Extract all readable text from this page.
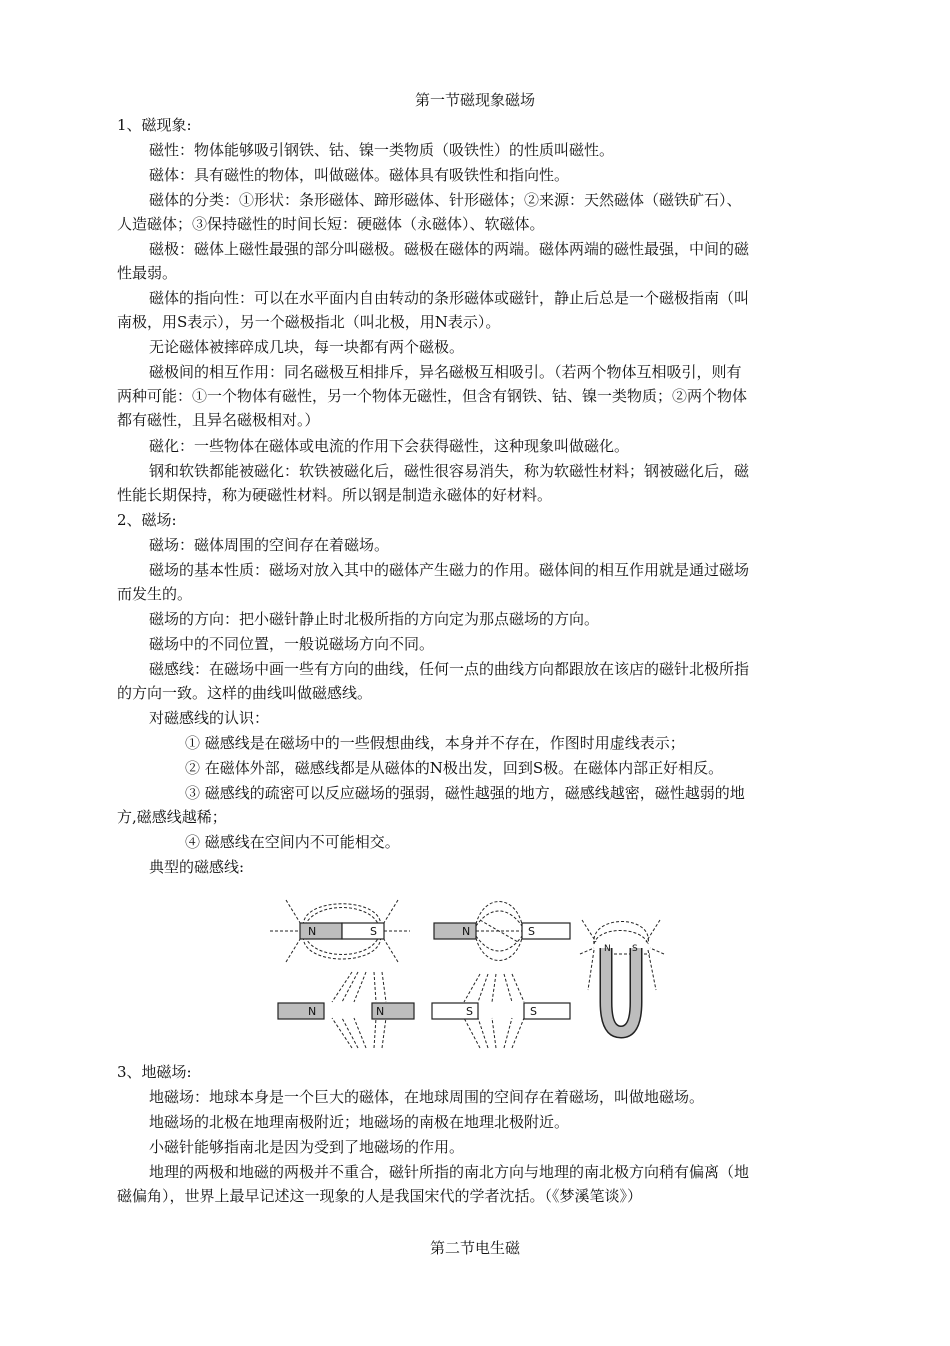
第一节磁现象磁场
1、磁现象:
磁性：物体能够吸引钢铁、钴、镍一类物质（吸铁性）的性质叫磁性。
磁体：具有磁性的物体，叫做磁体。磁体具有吸铁性和指向性。
磁体的分类：①形状：条形磁体、蹄形磁体、针形磁体；②来源：天然磁体（磁铁矿石）、
人造磁体；③保持磁性的时间长短：硬磁体（永磁体）、软磁体。
磁极：磁体上磁性最强的部分叫磁极。磁极在磁体的两端。磁体两端的磁性最强，中间的磁
性最弱。
磁体的指向性：可以在水平面内自由转动的条形磁体或磁针，静止后总是一个磁极指南（叫
南极，用S表示），另一个磁极指北（叫北极，用N表示）。
无论磁体被摔碎成几块，每一块都有两个磁极。
磁极间的相互作用：同名磁极互相排斥，异名磁极互相吸引。（若两个物体互相吸引，则有
两种可能：①一个物体有磁性，另一个物体无磁性，但含有钢铁、钴、镍一类物质；②两个物体
都有磁性，且异名磁极相对。）
磁化：一些物体在磁体或电流的作用下会获得磁性，这种现象叫做磁化。
钢和软铁都能被磁化：软铁被磁化后，磁性很容易消失，称为软磁性材料；钢被磁化后，磁
性能长期保持，称为硬磁性材料。所以钢是制造永磁体的好材料。
2、磁场:
磁场：磁体周围的空间存在着磁场。
磁场的基本性质：磁场对放入其中的磁体产生磁力的作用。磁体间的相互作用就是通过磁场
而发生的。
磁场的方向：把小磁针静止时北极所指的方向定为那点磁场的方向。
磁场中的不同位置，一般说磁场方向不同。
磁感线：在磁场中画一些有方向的曲线，任何一点的曲线方向都跟放在该店的磁针北极所指
的方向一致。这样的曲线叫做磁感线。
对磁感线的认识：
① 磁感线是在磁场中的一些假想曲线，本身并不存在，作图时用虚线表示；
② 在磁体外部，磁感线都是从磁体的N极出发，回到S极。在磁体内部正好相反。
③ 磁感线的疏密可以反应磁场的强弱，磁性越强的地方，磁感线越密，磁性越弱的地
方,磁感线越稀；
④ 磁感线在空间内不可能相交。
典型的磁感线:
N	S	N	S
N S
N	N	S	S
3、地磁场:
地磁场：地球本身是一个巨大的磁体，在地球周围的空间存在着磁场，叫做地磁场。
地磁场的北极在地理南极附近；地磁场的南极在地理北极附近。
小磁针能够指南北是因为受到了地磁场的作用。
地理的两极和地磁的两极并不重合，磁针所指的南北方向与地理的南北极方向稍有偏离（地
磁偏角），世界上最早记述这一现象的人是我国宋代的学者沈括。（《梦溪笔谈》）
第二节电生磁
